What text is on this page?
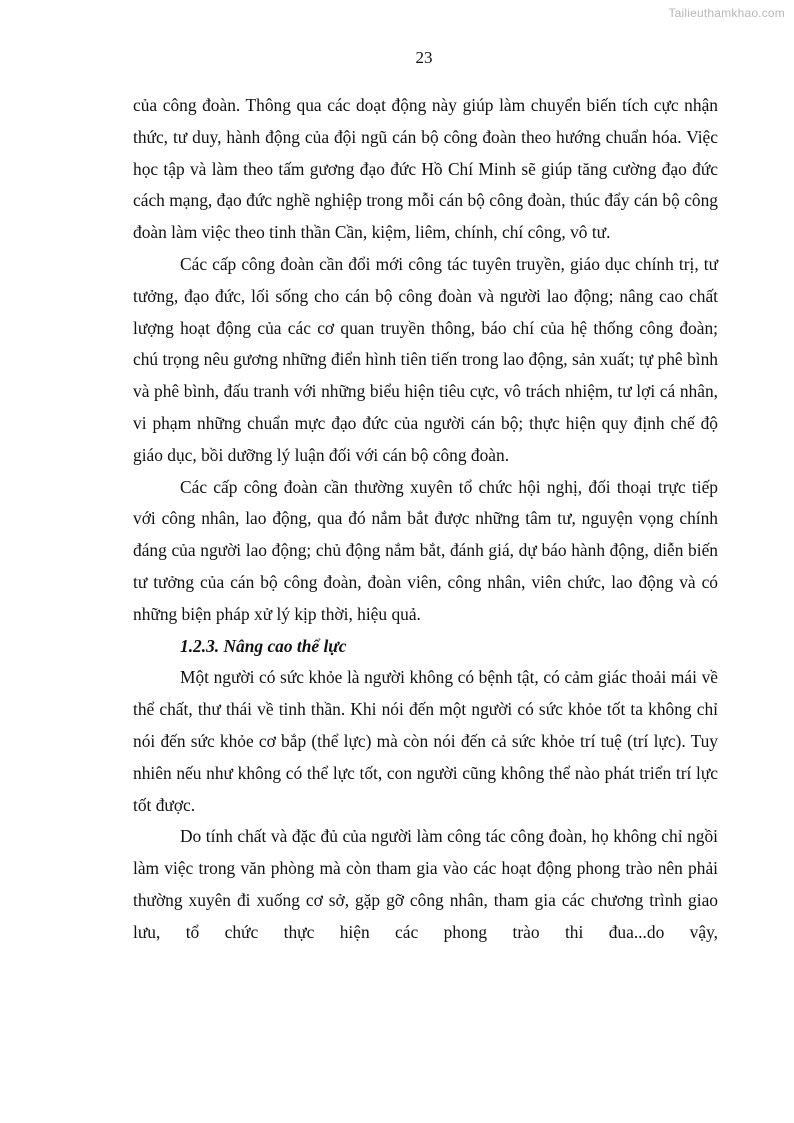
Tailieuthamkhao.com
23

của công đoàn. Thông qua các doạt động này giúp làm chuyển biến tích cực nhận thức, tư duy, hành động của đội ngũ cán bộ công đoàn theo hướng chuẩn hóa. Việc học tập và làm theo tấm gương đạo đức Hồ Chí Minh sẽ giúp tăng cường đạo đức cách mạng, đạo đức nghề nghiệp trong mỗi cán bộ công đoàn, thúc đẩy cán bộ công đoàn làm việc theo tinh thần Cần, kiệm, liêm, chính, chí công, vô tư.

Các cấp công đoàn cần đổi mới công tác tuyên truyền, giáo dục chính trị, tư tưởng, đạo đức, lối sống cho cán bộ công đoàn và người lao động; nâng cao chất lượng hoạt động của các cơ quan truyền thông, báo chí của hệ thống công đoàn; chú trọng nêu gương những điển hình tiên tiến trong lao động, sản xuất; tự phê bình và phê bình, đấu tranh với những biểu hiện tiêu cực, vô trách nhiệm, tư lợi cá nhân, vi phạm những chuẩn mực đạo đức của người cán bộ; thực hiện quy định chế độ giáo dục, bồi dưỡng lý luận đối với cán bộ công đoàn.

Các cấp công đoàn cần thường xuyên tổ chức hội nghị, đối thoại trực tiếp với công nhân, lao động, qua đó nắm bắt được những tâm tư, nguyện vọng chính đáng của người lao động; chủ động nắm bắt, đánh giá, dự báo hành động, diễn biến tư tưởng của cán bộ công đoàn, đoàn viên, công nhân, viên chức, lao động và có những biện pháp xử lý kịp thời, hiệu quả.

1.2.3. Nâng cao thể lực

Một người có sức khỏe là người không có bệnh tật, có cảm giác thoải mái về thể chất, thư thái về tinh thần. Khi nói đến một người có sức khỏe tốt ta không chỉ nói đến sức khỏe cơ bắp (thể lực) mà còn nói đến cả sức khỏe trí tuệ (trí lực). Tuy nhiên nếu như không có thể lực tốt, con người cũng không thể nào phát triển trí lực tốt được.

Do tính chất và đặc đủ của người làm công tác công đoàn, họ không chỉ ngồi làm việc trong văn phòng mà còn tham gia vào các hoạt động phong trào nên phải thường xuyên đi xuống cơ sở, gặp gỡ công nhân, tham gia các chương trình giao lưu, tổ chức thực hiện các phong trào thi đua...do vậy,
